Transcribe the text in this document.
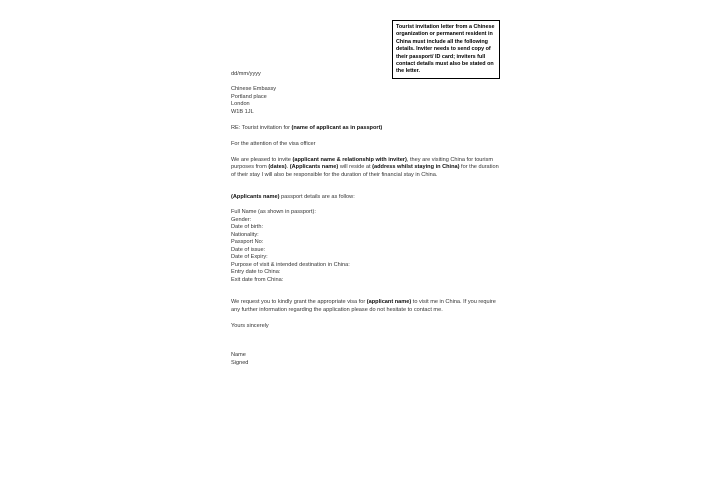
Tourist invitation letter from a Chinese organization or permanent resident in China must include all the following details. Inviter needs to send copy of their passport/ ID card; inviters full contact details must also be stated on the letter.

dd/mm/yyyy

Chinese Embassy
Portland place
London
W1B 1JL

RE: Tourist invitation for (name of applicant as in passport)

For the attention of the visa officer

We are pleased to invite (applicant name & relationship with inviter), they are visiting China for tourism purposes from (dates). (Applicants name) will reside at (address whilst staying in China) for the duration of their stay I will also be responsible for the duration of their financial stay in China.

(Applicants name) passport details are as follow:

Full Name (as shown in passport):
Gender:
Date of birth:
Nationality:
Passport No:
Date of issue:
Date of Expiry:
Purpose of visit & intended destination in China:
Entry date to China:
Exit date from China:

We request you to kindly grant the appropriate visa for (applicant name) to visit me in China. If you require any further information regarding the application please do not hesitate to contact me.

Yours sincerely

Name
Signed
